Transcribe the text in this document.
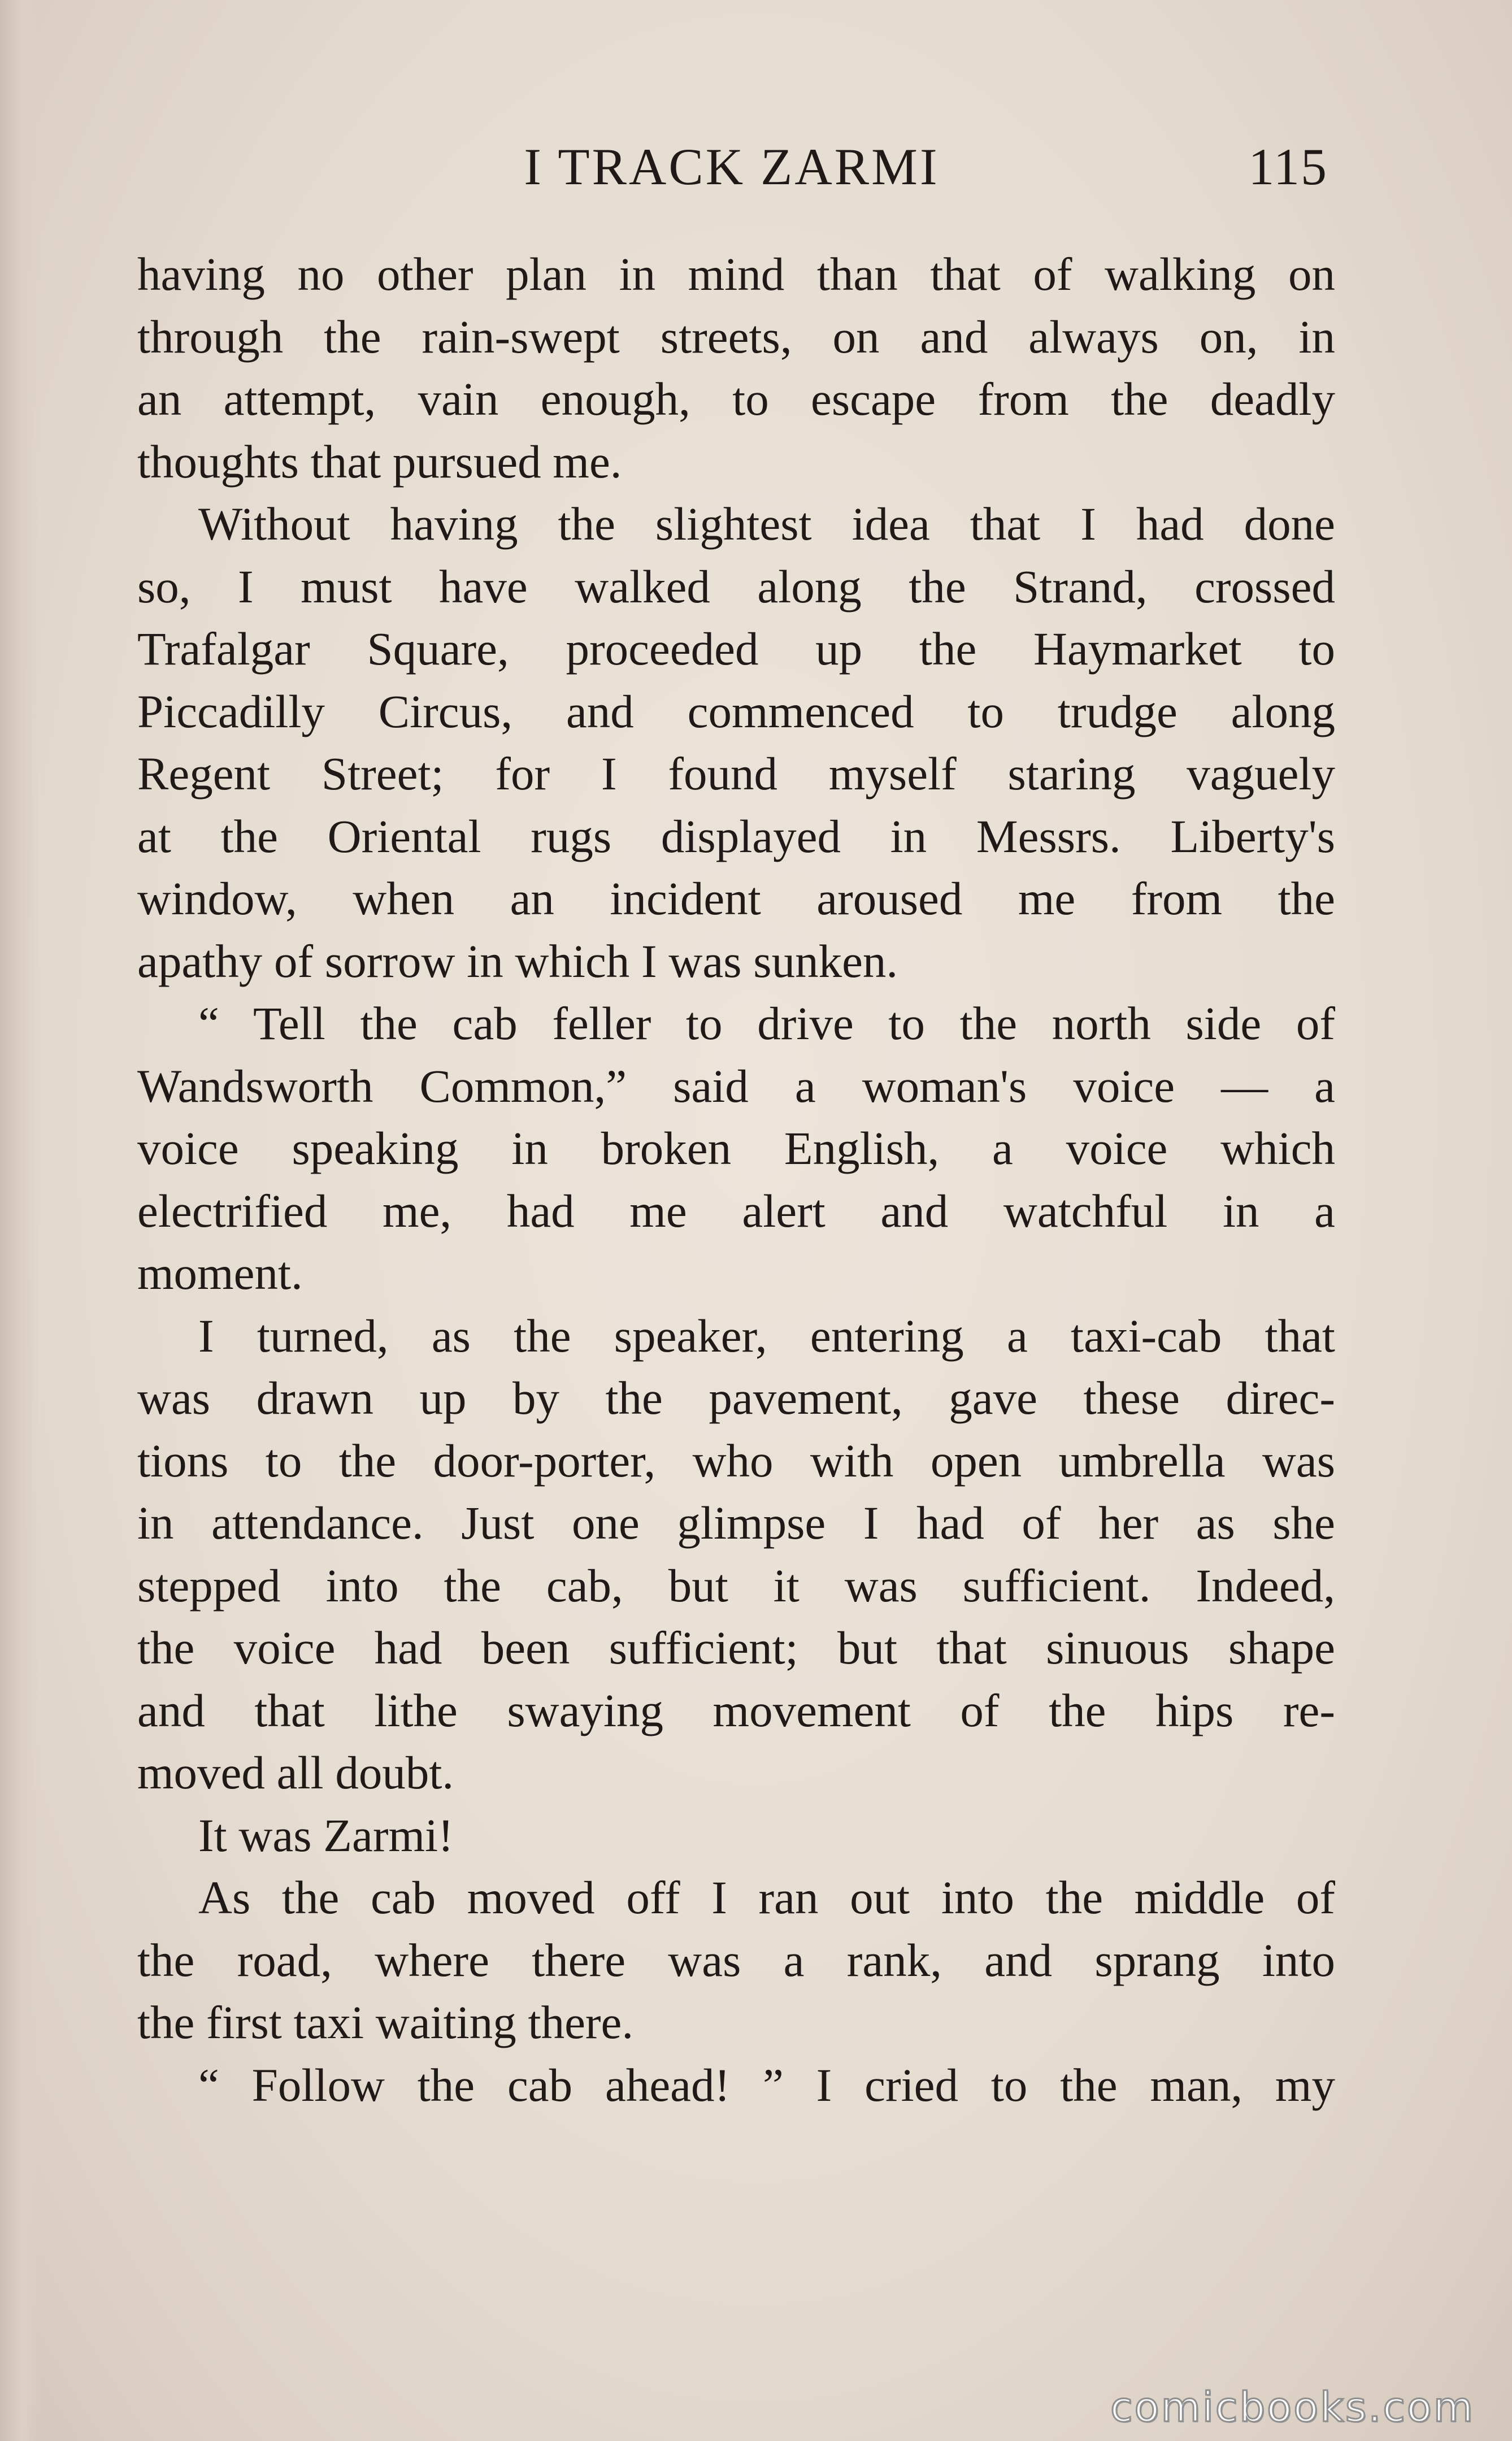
I TRACK ZARMI	115
having no other plan in mind than that of walking on
through the rain-swept streets, on and always on, in
an attempt, vain enough, to escape from the deadly
thoughts that pursued me.
Without having the slightest idea that I had done
so, I must have walked along the Strand, crossed
Trafalgar Square, proceeded up the Haymarket to
Piccadilly Circus, and commenced to trudge along
Regent Street; for I found myself staring vaguely
at the Oriental rugs displayed in Messrs. Liberty's
window, when an incident aroused me from the
apathy of sorrow in which I was sunken.
“ Tell the cab feller to drive to the north side of
Wandsworth Common,” said a woman's voice — a
voice speaking in broken English, a voice which
electrified me, had me alert and watchful in a
moment.
I turned, as the speaker, entering a taxi-cab that
was drawn up by the pavement, gave these direc-
tions to the door-porter, who with open umbrella was
in attendance. Just one glimpse I had of her as she
stepped into the cab, but it was sufficient. Indeed,
the voice had been sufficient; but that sinuous shape
and that lithe swaying movement of the hips re-
moved all doubt.
It was Zarmi!
As the cab moved off I ran out into the middle of
the road, where there was a rank, and sprang into
the first taxi waiting there.
“ Follow the cab ahead! ” I cried to the man, my
comicbooks.com
